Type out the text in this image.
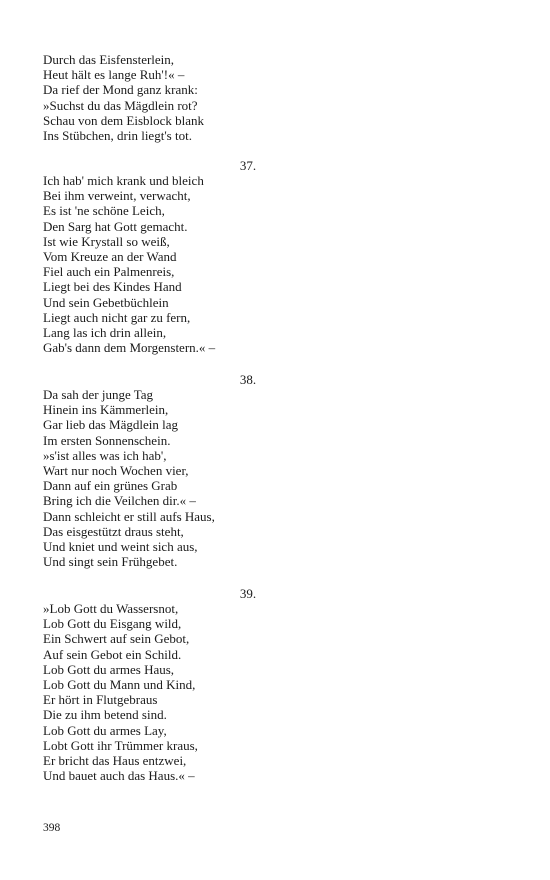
Durch das Eisfensterlein,
Heut hält es lange Ruh'!« –
Da rief der Mond ganz krank:
»Suchst du das Mägdlein rot?
Schau von dem Eisblock blank
Ins Stübchen, drin liegt's tot.
37.
Ich hab' mich krank und bleich
Bei ihm verweint, verwacht,
Es ist 'ne schöne Leich,
Den Sarg hat Gott gemacht.
Ist wie Krystall so weiß,
Vom Kreuze an der Wand
Fiel auch ein Palmenreis,
Liegt bei des Kindes Hand
Und sein Gebetbüchlein
Liegt auch nicht gar zu fern,
Lang las ich drin allein,
Gab's dann dem Morgenstern.« –
38.
Da sah der junge Tag
Hinein ins Kämmerlein,
Gar lieb das Mägdlein lag
Im ersten Sonnenschein.
»s'ist alles was ich hab',
Wart nur noch Wochen vier,
Dann auf ein grünes Grab
Bring ich die Veilchen dir.« –
Dann schleicht er still aufs Haus,
Das eisgestützt draus steht,
Und kniet und weint sich aus,
Und singt sein Frühgebet.
39.
»Lob Gott du Wassersnot,
Lob Gott du Eisgang wild,
Ein Schwert auf sein Gebot,
Auf sein Gebot ein Schild.
Lob Gott du armes Haus,
Lob Gott du Mann und Kind,
Er hört in Flutgebraus
Die zu ihm betend sind.
Lob Gott du armes Lay,
Lobt Gott ihr Trümmer kraus,
Er bricht das Haus entzwei,
Und bauet auch das Haus.« –
398
